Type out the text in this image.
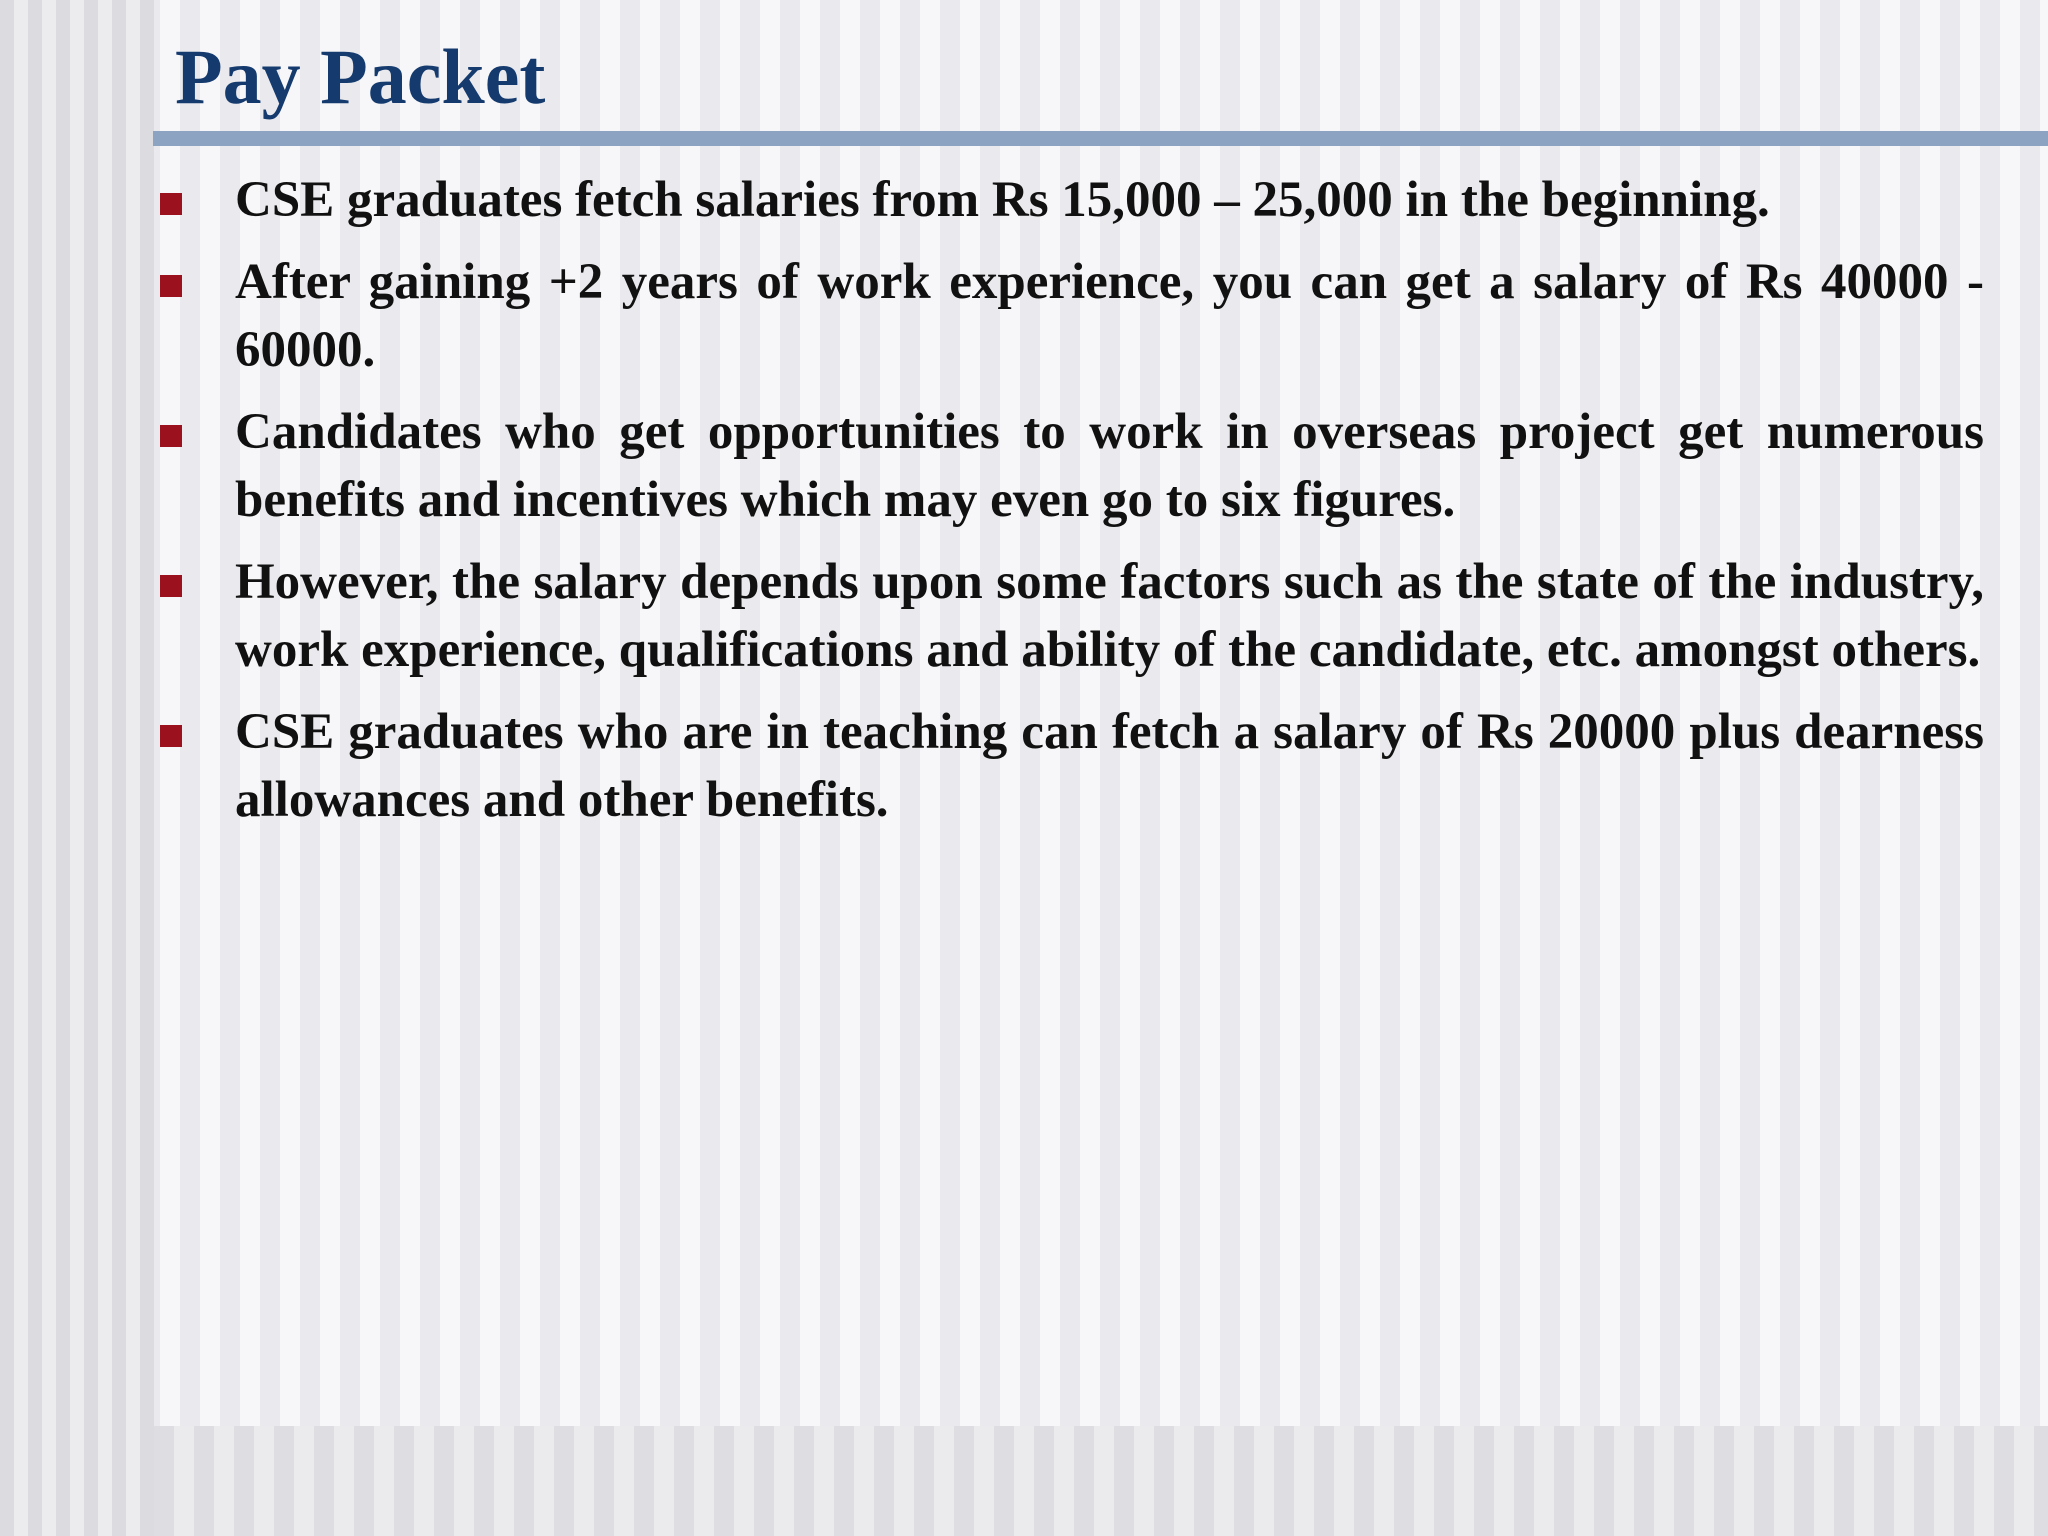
Pay Packet
CSE graduates fetch salaries from Rs 15,000 – 25,000 in the beginning.
After gaining +2 years of work experience, you can get a salary of Rs 40000 - 60000.
Candidates who get opportunities to work in overseas project get numerous benefits and incentives which may even go to six figures.
However, the salary depends upon some factors such as the state of the industry, work experience, qualifications and ability of the candidate, etc. amongst others.
CSE graduates who are in teaching can fetch a salary of Rs 20000 plus dearness allowances and other benefits.
